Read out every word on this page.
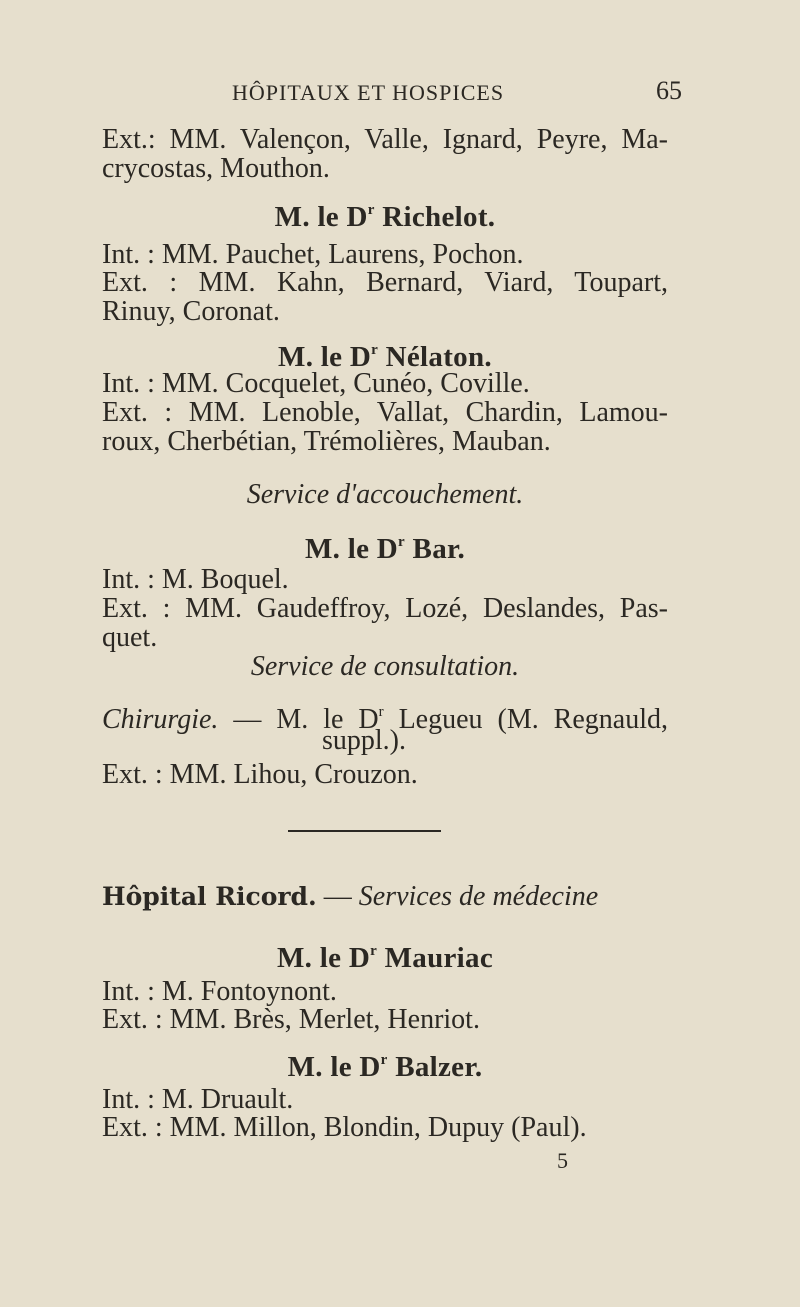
HÔPITAUX ET HOSPICES	65
Ext.: MM. Valençon, Valle, Ignard, Peyre, Ma-
crycostas, Mouthon.
M. le $D^r$ Richelot.
Int. : MM. Pauchet, Laurens, Pochon.
Ext. : MM. Kahn, Bernard, Viard, Toupart,
Rinuy, Coronat.
M. le $D^r$ Nélaton.
Int. : MM. Cocquelet, Cunéo, Coville.
Ext. : MM. Lenoble, Vallat, Chardin, Lamou-
roux, Cherbétian, Trémolières, Mauban.
Service d'accouchement.
M. le $D^r$ Bar.
Int. : M. Boquel.
Ext. : MM. Gaudeffroy, Lozé, Deslandes, Pas-
quet.
Service de consultation.
Chirurgie. — M. le $D^r$ Legueu (M. Regnauld,
suppl.).
Ext. : MM. Lihou, Crouzon.
Hôpital Ricord. — Services de médecine
M. le $D^r$ Mauriac
Int. : M. Fontoynont.
Ext. : MM. Brès, Merlet, Henriot.
M. le $D^r$ Balzer.
Int. : M. Druault.
Ext. : MM. Millon, Blondin, Dupuy (Paul).
5
